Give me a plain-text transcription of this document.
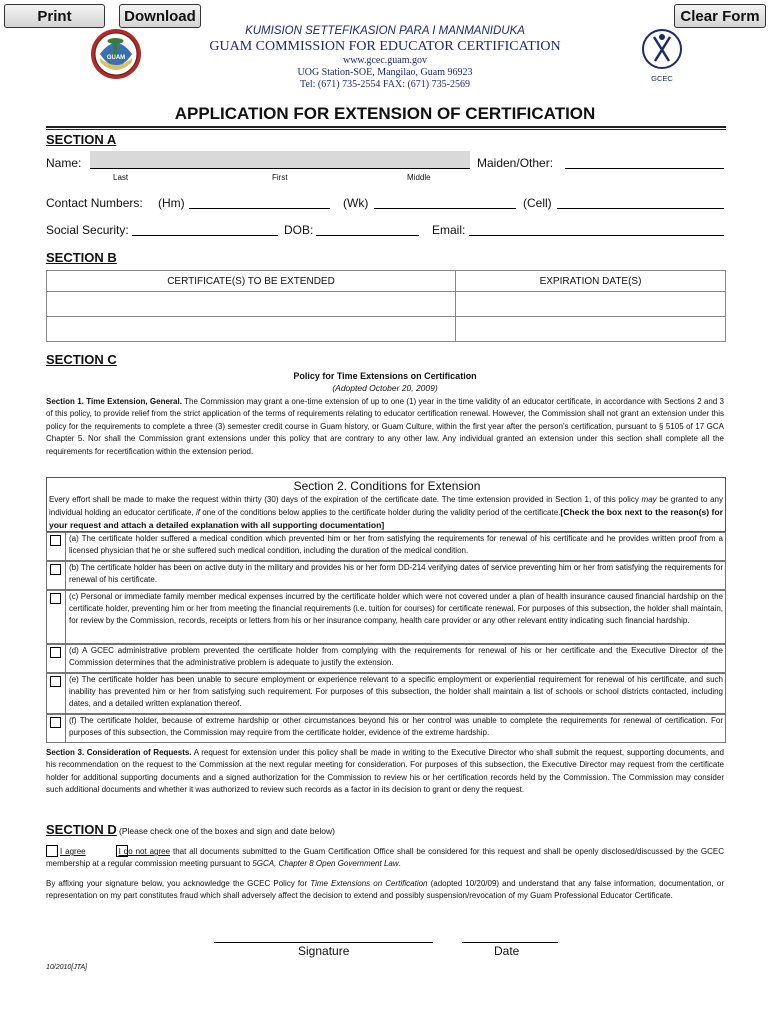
Print	Download	Clear Form
GUAM
GCEC
KUMISION SETTEFIKASION PARA I MANMANIDUKA
GUAM COMMISSION FOR EDUCATOR CERTIFICATION
www.gcec.guam.gov
UOG Station-SOE, Mangilao, Guam 96923
Tel: (671) 735-2554 FAX: (671) 735-2569
APPLICATION FOR EXTENSION OF CERTIFICATION
SECTION A
Name:	Maiden/Other:
Last	First	Middle
Contact Numbers: (Hm)	(Wk)	(Cell)
Social Security:	DOB:	Email:
SECTION B
CERTIFICATE(S) TO BE EXTENDED	EXPIRATION DATE(S)

SECTION C
Policy for Time Extensions on Certification
(Adopted October 20, 2009)
Section 1. Time Extension, General. The Commission may grant a one-time extension of up to one (1) year in the time validity of an educator certificate, in accordance with Sections 2 and 3 of this policy, to provide relief from the strict application of the terms of requirements relating to educator certification renewal. However, the Commission shall not grant an extension under this policy for the requirements to complete a three (3) semester credit course in Guam history, or Guam Culture, within the first year after the person’s certification, pursuant to § 5105 of 17 GCA Chapter 5. Nor shall the Commission grant extensions under this policy that are contrary to any other law. Any individual granted an extension under this section shall complete all the requirements for recertification within the extension period.
Section 2. Conditions for Extension
Every effort shall be made to make the request within thirty (30) days of the expiration of the certificate date. The time extension provided in Section 1, of this policy may be granted to any individual holding an educator certificate, if one of the conditions below applies to the certificate holder during the validity period of the certificate.[Check the box next to the reason(s) for your request and attach a detailed explanation with all supporting documentation]
(a) The certificate holder suffered a medical condition which prevented him or her from satisfying the requirements for renewal of his certificate and he provides written proof from a licensed physician that he or she suffered such medical condition, including the duration of the medical condition.
(b) The certificate holder has been on active duty in the military and provides his or her form DD-214 verifying dates of service preventing him or her from satisfying the requirements for renewal of his certificate.
(c) Personal or immediate family member medical expenses incurred by the certificate holder which were not covered under a plan of health insurance caused financial hardship on the certificate holder, preventing him or her from meeting the financial requirements (i.e. tuition for courses) for certificate renewal. For purposes of this subsection, the holder shall maintain, for review by the Commission, records, receipts or letters from his or her insurance company, health care provider or any other relevant entity indicating such financial hardship.
(d) A GCEC administrative problem prevented the certificate holder from complying with the requirements for renewal of his or her certificate and the Executive Director of the Commission determines that the administrative problem is adequate to justify the extension.
(e) The certificate holder has been unable to secure employment or experience relevant to a specific employment or experiential requirement for renewal of his certificate, and such inability has prevented him or her from satisfying such requirement. For purposes of this subsection, the holder shall maintain a list of schools or school districts contacted, including dates, and a detailed written explanation thereof.
(f) The certificate holder, because of extreme hardship or other circumstances beyond his or her control was unable to complete the requirements for renewal of certification. For purposes of this subsection, the Commission may require from the certificate holder, evidence of the extreme hardship.
Section 3. Consideration of Requests. A request for extension under this policy shall be made in writing to the Executive Director who shall submit the request, supporting documents, and his recommendation on the request to the Commission at the next regular meeting for consideration. For purposes of this subsection, the Executive Director may request from the certificate holder for additional supporting documents and a signed authorization for the Commission to review his or her certification records held by the Commission. The Commission may consider such additional documents and whether it was authorized to review such records as a factor in its decision to grant or deny the request.
SECTION D (Please check one of the boxes and sign and date below)
I agree	I do not agree that all documents submitted to the Guam Certification Office shall be considered for this request and shall be openly disclosed/discussed by the GCEC membership at a regular commission meeting pursuant to 5GCA, Chapter 8 Open Government Law.
By affixing your signature below, you acknowledge the GCEC Policy for Time Extensions on Certification (adopted 10/20/09) and understand that any false information, documentation, or representation on my part constitutes fraud which shall adversely affect the decision to extend and possibly suspension/revocation of my Guam Professional Educator Certificate.
Signature	Date
10/2010[JTA]
